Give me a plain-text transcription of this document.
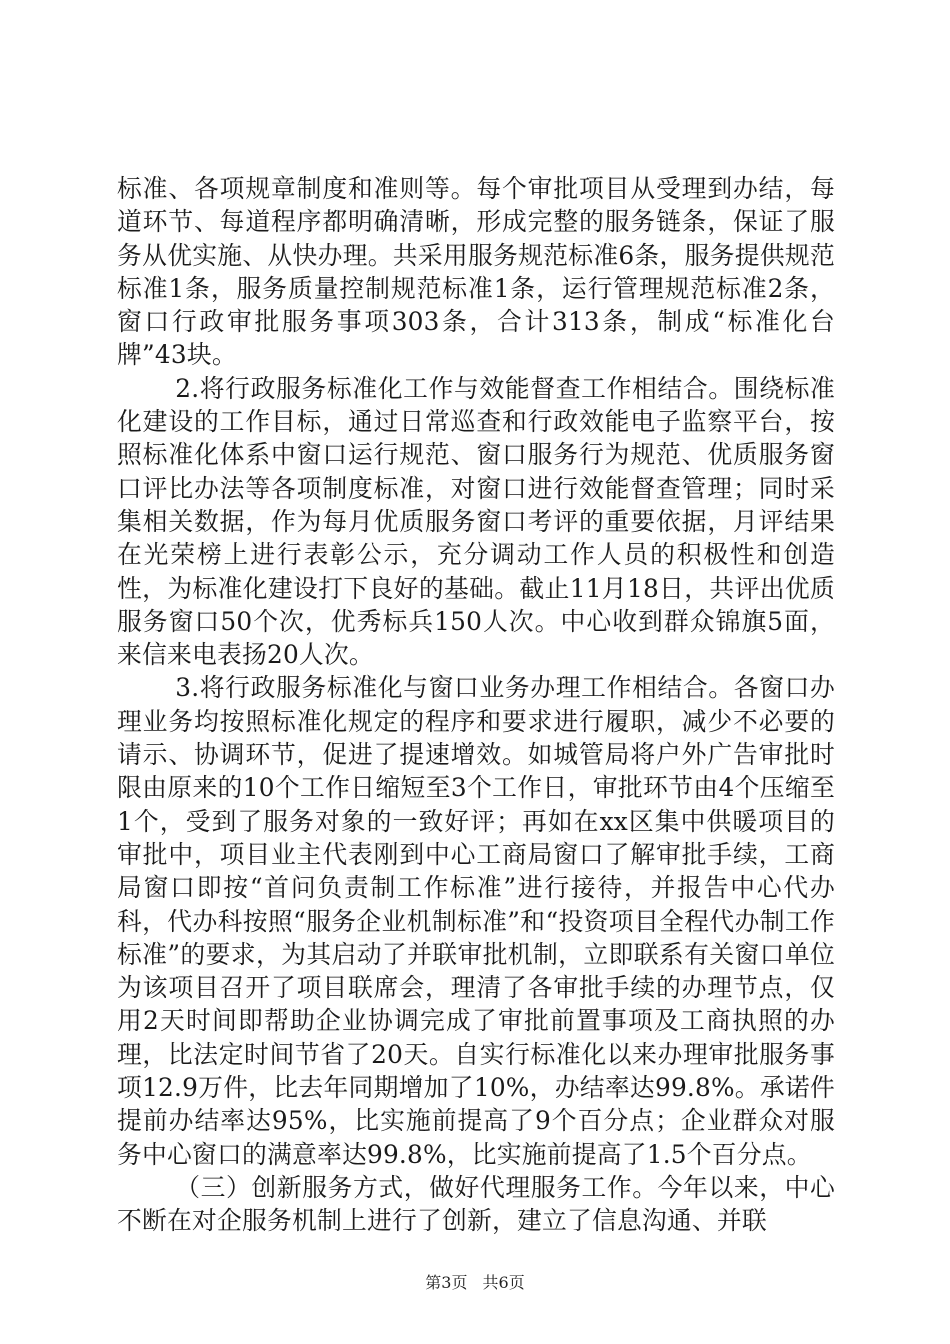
标准、各项规章制度和准则等。每个审批项目从受理到办结，每道环节、每道程序都明确清晰，形成完整的服务链条，保证了服务从优实施、从快办理。共采用服务规范标准6条，服务提供规范标准1条，服务质量控制规范标准1条，运行管理规范标准2条，窗口行政审批服务事项303条，合计313条，制成“标准化台牌”43块。

2.将行政服务标准化工作与效能督查工作相结合。围绕标准化建设的工作目标，通过日常巡查和行政效能电子监察平台，按照标准化体系中窗口运行规范、窗口服务行为规范、优质服务窗口评比办法等各项制度标准，对窗口进行效能督查管理；同时采集相关数据，作为每月优质服务窗口考评的重要依据，月评结果在光荣榜上进行表彰公示，充分调动工作人员的积极性和创造性，为标准化建设打下良好的基础。截止11月18日，共评出优质服务窗口50个次，优秀标兵150人次。中心收到群众锦旗5面，来信来电表扬20人次。

3.将行政服务标准化与窗口业务办理工作相结合。各窗口办理业务均按照标准化规定的程序和要求进行履职，减少不必要的请示、协调环节，促进了提速增效。如城管局将户外广告审批时限由原来的10个工作日缩短至3个工作日，审批环节由4个压缩至1个，受到了服务对象的一致好评；再如在xx区集中供暖项目的审批中，项目业主代表刚到中心工商局窗口了解审批手续，工商局窗口即按“首问负责制工作标准”进行接待，并报告中心代办科，代办科按照“服务企业机制标准”和“投资项目全程代办制工作标准”的要求，为其启动了并联审批机制，立即联系有关窗口单位为该项目召开了项目联席会，理清了各审批手续的办理节点，仅用2天时间即帮助企业协调完成了审批前置事项及工商执照的办理，比法定时间节省了20天。自实行标准化以来办理审批服务事项12.9万件，比去年同期增加了10%，办结率达99.8%。承诺件提前办结率达95%，比实施前提高了9个百分点；企业群众对服务中心窗口的满意率达99.8%，比实施前提高了1.5个百分点。

（三）创新服务方式，做好代理服务工作。今年以来，中心不断在对企服务机制上进行了创新，建立了信息沟通、并联

第3页 共6页
